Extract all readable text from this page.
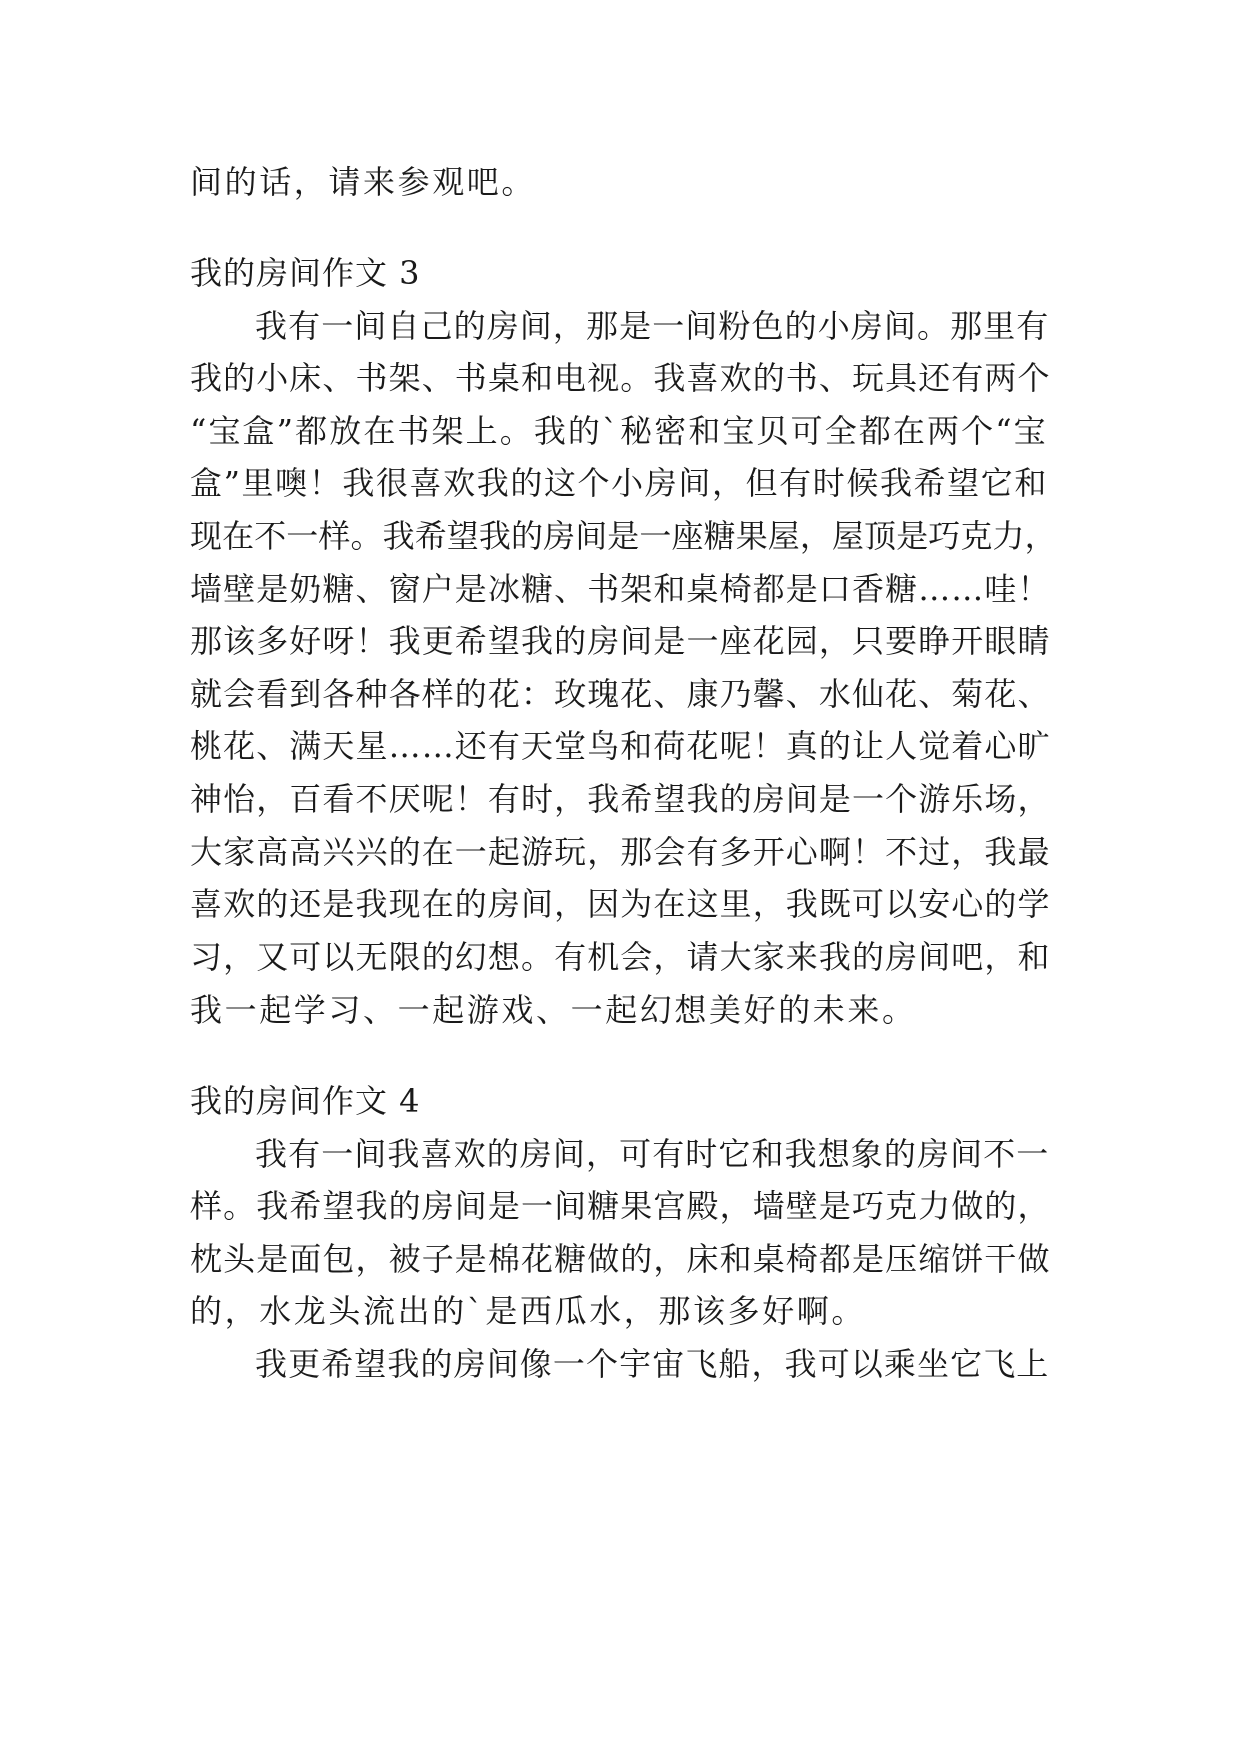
间的话，请来参观吧。
我的房间作文 3
我有一间自己的房间，那是一间粉色的小房间。那里有
我的小床、书架、书桌和电视。我喜欢的书、玩具还有两个
“宝盒”都放在书架上。我的`秘密和宝贝可全都在两个“宝
盒”里噢！我很喜欢我的这个小房间，但有时候我希望它和
现在不一样。我希望我的房间是一座糖果屋，屋顶是巧克力，
墙壁是奶糖、窗户是冰糖、书架和桌椅都是口香糖……哇！
那该多好呀！我更希望我的房间是一座花园，只要睁开眼睛
就会看到各种各样的花：玫瑰花、康乃馨、水仙花、菊花、
桃花、满天星……还有天堂鸟和荷花呢！真的让人觉着心旷
神怡，百看不厌呢！有时，我希望我的房间是一个游乐场，
大家高高兴兴的在一起游玩，那会有多开心啊！不过，我最
喜欢的还是我现在的房间，因为在这里，我既可以安心的学
习，又可以无限的幻想。有机会，请大家来我的房间吧，和
我一起学习、一起游戏、一起幻想美好的未来。
我的房间作文 4
我有一间我喜欢的房间，可有时它和我想象的房间不一
样。我希望我的房间是一间糖果宫殿，墙壁是巧克力做的，
枕头是面包，被子是棉花糖做的，床和桌椅都是压缩饼干做
的，水龙头流出的`是西瓜水，那该多好啊。
我更希望我的房间像一个宇宙飞船，我可以乘坐它飞上
